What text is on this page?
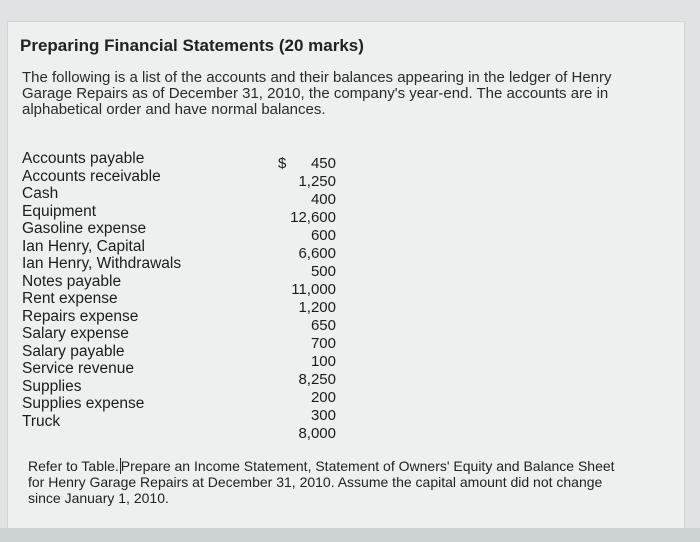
Preparing Financial Statements (20 marks)
The following is a list of the accounts and their balances appearing in the ledger of Henry
Garage Repairs as of December 31, 2010, the company's year-end. The accounts are in
alphabetical order and have normal balances.
Accounts payable
Accounts receivable
Cash
Equipment
Gasoline expense
Ian Henry, Capital
Ian Henry, Withdrawals
Notes payable
Rent expense
Repairs expense
Salary expense
Salary payable
Service revenue
Supplies
Supplies expense
Truck
$ 450
1,250
400
12,600
600
6,600
500
11,000
1,200
650
700
100
8,250
200
300
8,000
Refer to Table. Prepare an Income Statement, Statement of Owners' Equity and Balance Sheet
for Henry Garage Repairs at December 31, 2010. Assume the capital amount did not change
since January 1, 2010.
